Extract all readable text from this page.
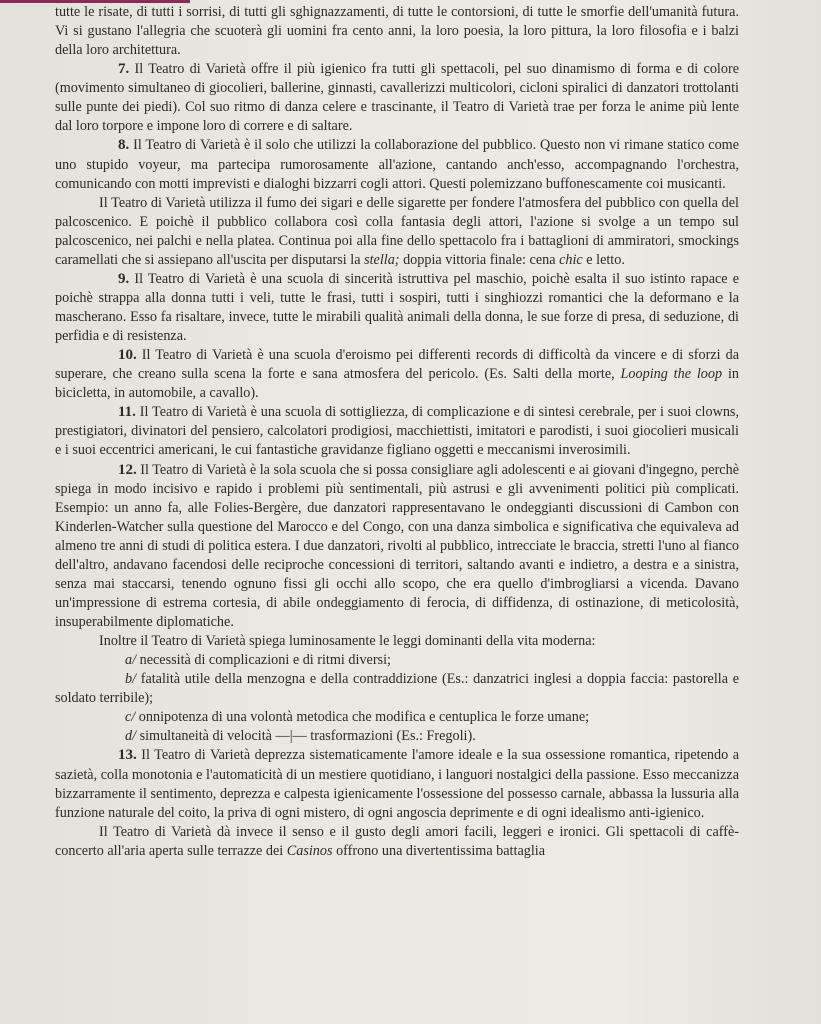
tutte le risate, di tutti i sorrisi, di tutti gli sghignazzamenti, di tutte le contorsioni, di tutte le smorfie dell'umanità futura. Vi si gustano l'allegria che scuoterà gli uomini fra cento anni, la loro poesia, la loro pittura, la loro filosofia e i balzi della loro architettura.

7. Il Teatro di Varietà offre il più igienico fra tutti gli spettacoli, pel suo dinamismo di forma e di colore (movimento simultaneo di giocolieri, ballerine, ginnasti, cavallerizzi multicolori, cicloni spiralici di danzatori trottolanti sulle punte dei piedi). Col suo ritmo di danza celere e trascinante, il Teatro di Varietà trae per forza le anime più lente dal loro torpore e impone loro di correre e di saltare.

8. Il Teatro di Varietà è il solo che utilizzi la collaborazione del pubblico. Questo non vi rimane statico come uno stupido voyeur, ma partecipa rumorosamente all'azione, cantando anch'esso, accompagnando l'orchestra, comunicando con motti imprevisti e dialoghi bizzarri cogli attori. Questi polemizzano buffonescamente coi musicanti.

Il Teatro di Varietà utilizza il fumo dei sigari e delle sigarette per fondere l'atmosfera del pubblico con quella del palcoscenico. E poichè il pubblico collabora così colla fantasia degli attori, l'azione si svolge a un tempo sul palcoscenico, nei palchi e nella platea. Continua poi alla fine dello spettacolo fra i battaglioni di ammiratori, smockings caramellati che si assiepano all'uscita per disputarsi la stella; doppia vittoria finale: cena chic e letto.

9. Il Teatro di Varietà è una scuola di sincerità istruttiva pel maschio, poichè esalta il suo istinto rapace e poichè strappa alla donna tutti i veli, tutte le frasi, tutti i sospiri, tutti i singhiozzi romantici che la deformano e la mascherano. Esso fa risaltare, invece, tutte le mirabili qualità animali della donna, le sue forze di presa, di seduzione, di perfidia e di resistenza.

10. Il Teatro di Varietà è una scuola d'eroismo pei differenti records di difficoltà da vincere e di sforzi da superare, che creano sulla scena la forte e sana atmosfera del pericolo. (Es. Salti della morte, Looping the loop in bicicletta, in automobile, a cavallo).

11. Il Teatro di Varietà è una scuola di sottigliezza, di complicazione e di sintesi cerebrale, per i suoi clowns, prestigiatori, divinatori del pensiero, calcolatori prodigiosi, macchiettisti, imitatori e parodisti, i suoi giocolieri musicali e i suoi eccentrici americani, le cui fantastiche gravidanze figliano oggetti e meccanismi inverosimili.

12. Il Teatro di Varietà è la sola scuola che si possa consigliare agli adolescenti e ai giovani d'ingegno, perchè spiega in modo incisivo e rapido i problemi più sentimentali, più astrusi e gli avvenimenti politici più complicati. Esempio: un anno fa, alle Folies-Bergère, due danzatori rappresentavano le ondeggianti discussioni di Cambon con Kinderlen-Watcher sulla questione del Marocco e del Congo, con una danza simbolica e significativa che equivaleva ad almeno tre anni di studi di politica estera. I due danzatori, rivolti al pubblico, intrecciate le braccia, stretti l'uno al fianco dell'altro, andavano facendosi delle reciproche concessioni di territori, saltando avanti e indietro, a destra e a sinistra, senza mai staccarsi, tenendo ognuno fissi gli occhi allo scopo, che era quello d'imbrogliarsi a vicenda. Davano un'impressione di estrema cortesia, di abile ondeggiamento di ferocia, di diffidenza, di ostinazione, di meticolosità, insuperabilmente diplomatiche.

Inoltre il Teatro di Varietà spiega luminosamente le leggi dominanti della vita moderna:

a/ necessità di complicazioni e di ritmi diversi;

b/ fatalità utile della menzogna e della contraddizione (Es.: danzatrici inglesi a doppia faccia: pastorella e soldato terribile);

c/ onnipotenza di una volontà metodica che modifica e centuplica le forze umane;

d/ simultaneità di velocità —|— trasformazioni (Es.: Fregoli).

13. Il Teatro di Varietà deprezza sistematicamente l'amore ideale e la sua ossessione romantica, ripetendo a sazietà, colla monotonia e l'automaticità di un mestiere quotidiano, i languori nostalgici della passione. Esso meccanizza bizzarramente il sentimento, deprezza e calpesta igienicamente l'ossessione del possesso carnale, abbassa la lussuria alla funzione naturale del coito, la priva di ogni mistero, di ogni angoscia deprimente e di ogni idealismo anti-igienico.

Il Teatro di Varietà dà invece il senso e il gusto degli amori facili, leggeri e ironici. Gli spettacoli di caffè-concerto all'aria aperta sulle terrazze dei Casinos offrono una divertentissima battaglia
